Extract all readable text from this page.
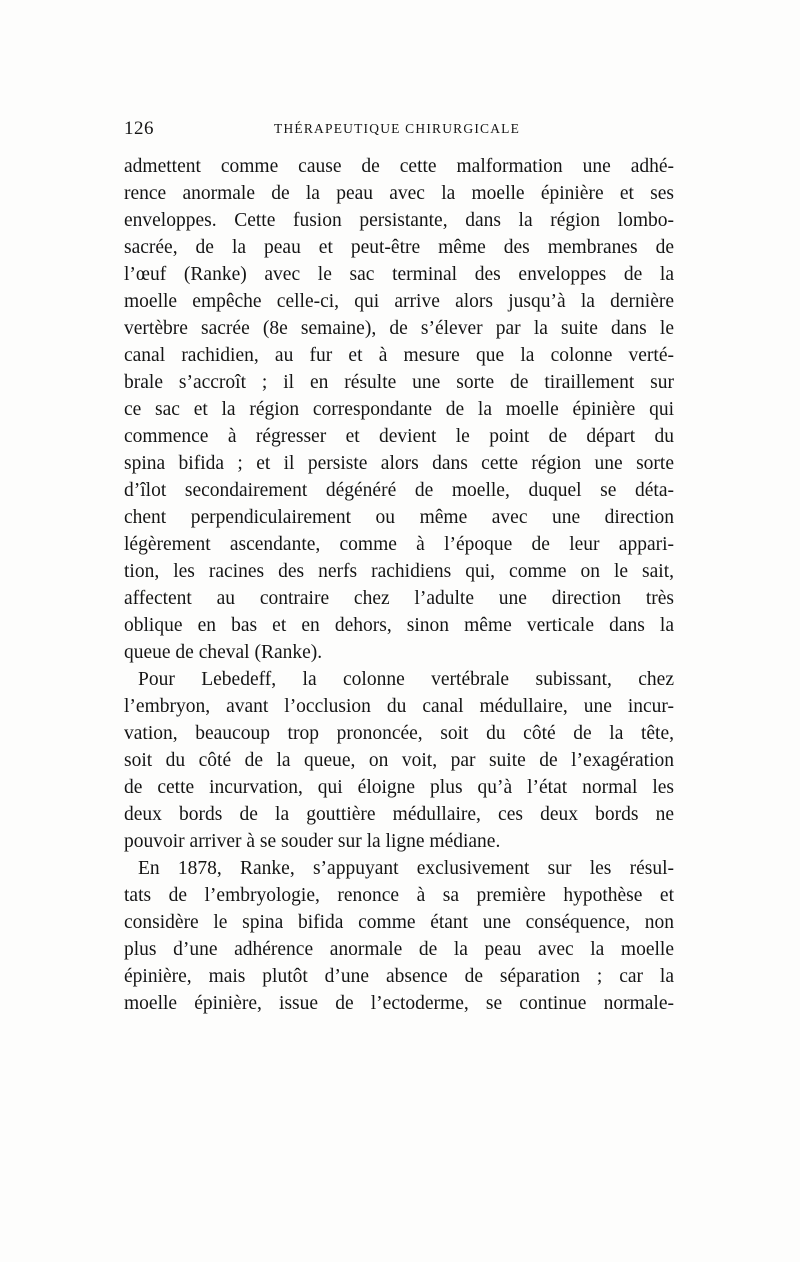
126	THÉRAPEUTIQUE CHIRURGICALE
admettent comme cause de cette malformation une adhé-
rence anormale de la peau avec la moelle épinière et ses
enveloppes. Cette fusion persistante, dans la région lombo-
sacrée, de la peau et peut-être même des membranes de
l’œuf (Ranke) avec le sac terminal des enveloppes de la
moelle empêche celle-ci, qui arrive alors jusqu’à la dernière
vertèbre sacrée (8e semaine), de s’élever par la suite dans le
canal rachidien, au fur et à mesure que la colonne verté-
brale s’accroît ; il en résulte une sorte de tiraillement sur
ce sac et la région correspondante de la moelle épinière qui
commence à régresser et devient le point de départ du
spina bifida ; et il persiste alors dans cette région une sorte
d’îlot secondairement dégénéré de moelle, duquel se déta-
chent perpendiculairement ou même avec une direction
légèrement ascendante, comme à l’époque de leur appari-
tion, les racines des nerfs rachidiens qui, comme on le sait,
affectent au contraire chez l’adulte une direction très
oblique en bas et en dehors, sinon même verticale dans la
queue de cheval (Ranke).
Pour Lebedeff, la colonne vertébrale subissant, chez
l’embryon, avant l’occlusion du canal médullaire, une incur-
vation, beaucoup trop prononcée, soit du côté de la tête,
soit du côté de la queue, on voit, par suite de l’exagération
de cette incurvation, qui éloigne plus qu’à l’état normal les
deux bords de la gouttière médullaire, ces deux bords ne
pouvoir arriver à se souder sur la ligne médiane.
En 1878, Ranke, s’appuyant exclusivement sur les résul-
tats de l’embryologie, renonce à sa première hypothèse et
considère le spina bifida comme étant une conséquence, non
plus d’une adhérence anormale de la peau avec la moelle
épinière, mais plutôt d’une absence de séparation ; car la
moelle épinière, issue de l’ectoderme, se continue normale-
